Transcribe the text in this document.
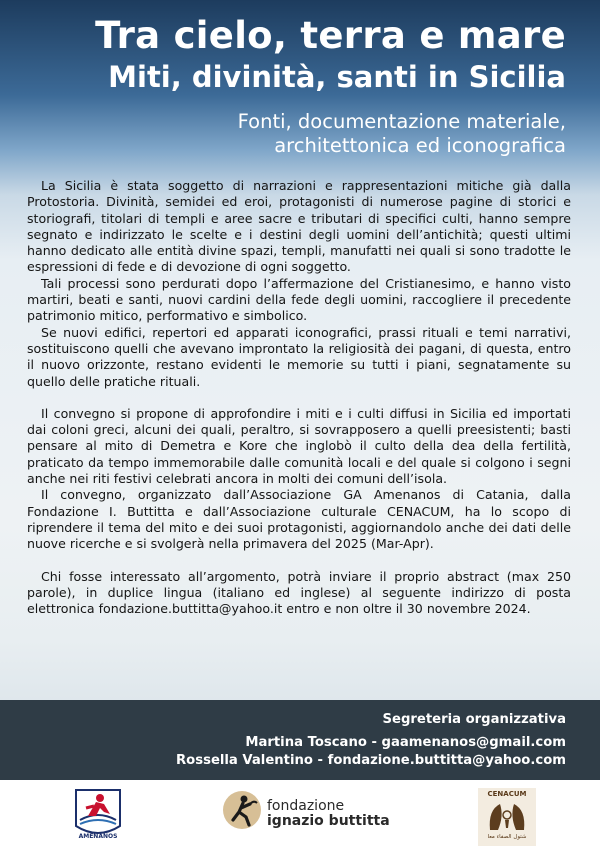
Tra cielo, terra e mare
Miti, divinità, santi in Sicilia
Fonti, documentazione materiale,
architettonica ed iconografica

La Sicilia è stata soggetto di narrazioni e rappresentazioni mitiche già dalla Protostoria. Divinità, semidei ed eroi, protagonisti di numerose pagine di storici e storiografi, titolari di templi e aree sacre e tributari di specifici culti, hanno sempre segnato e indirizzato le scelte e i destini degli uomini dell’antichità; questi ultimi hanno dedicato alle entità divine spazi, templi, manufatti nei quali si sono tradotte le espressioni di fede e di devozione di ogni soggetto.

Tali processi sono perdurati dopo l’affermazione del Cristianesimo, e hanno visto martiri, beati e santi, nuovi cardini della fede degli uomini, raccogliere il precedente patrimonio mitico, performativo e simbolico.

Se nuovi edifici, repertori ed apparati iconografici, prassi rituali e temi narrativi, sostituiscono quelli che avevano improntato la religiosità dei pagani, di questa, entro il nuovo orizzonte, restano evidenti le memorie su tutti i piani, segnatamente su quello delle pratiche rituali.

Il convegno si propone di approfondire i miti e i culti diffusi in Sicilia ed importati dai coloni greci, alcuni dei quali, peraltro, si sovrapposero a quelli preesistenti; basti pensare al mito di Demetra e Kore che inglobò il culto della dea della fertilità, praticato da tempo immemorabile dalle comunità locali e del quale si colgono i segni anche nei riti festivi celebrati ancora in molti dei comuni dell’isola.

Il convegno, organizzato dall’Associazione GA Amenanos di Catania, dalla Fondazione I. Buttitta e dall’Associazione culturale CENACUM, ha lo scopo di riprendere il tema del mito e dei suoi protagonisti, aggiornandolo anche dei dati delle nuove ricerche e si svolgerà nella primavera del 2025 (Mar-Apr).

Chi fosse interessato all’argomento, potrà inviare il proprio abstract (max 250 parole), in duplice lingua (italiano ed inglese) al seguente indirizzo di posta elettronica fondazione.buttitta@yahoo.it entro e non oltre il 30 novembre 2024.

Segreteria organizzativa
Martina Toscano - gaamenanos@gmail.com
Rossella Valentino - fondazione.buttitta@yahoo.com
AMENANOS
fondazione
ignazio buttitta
CENACUM
شتول الصفاء معا
